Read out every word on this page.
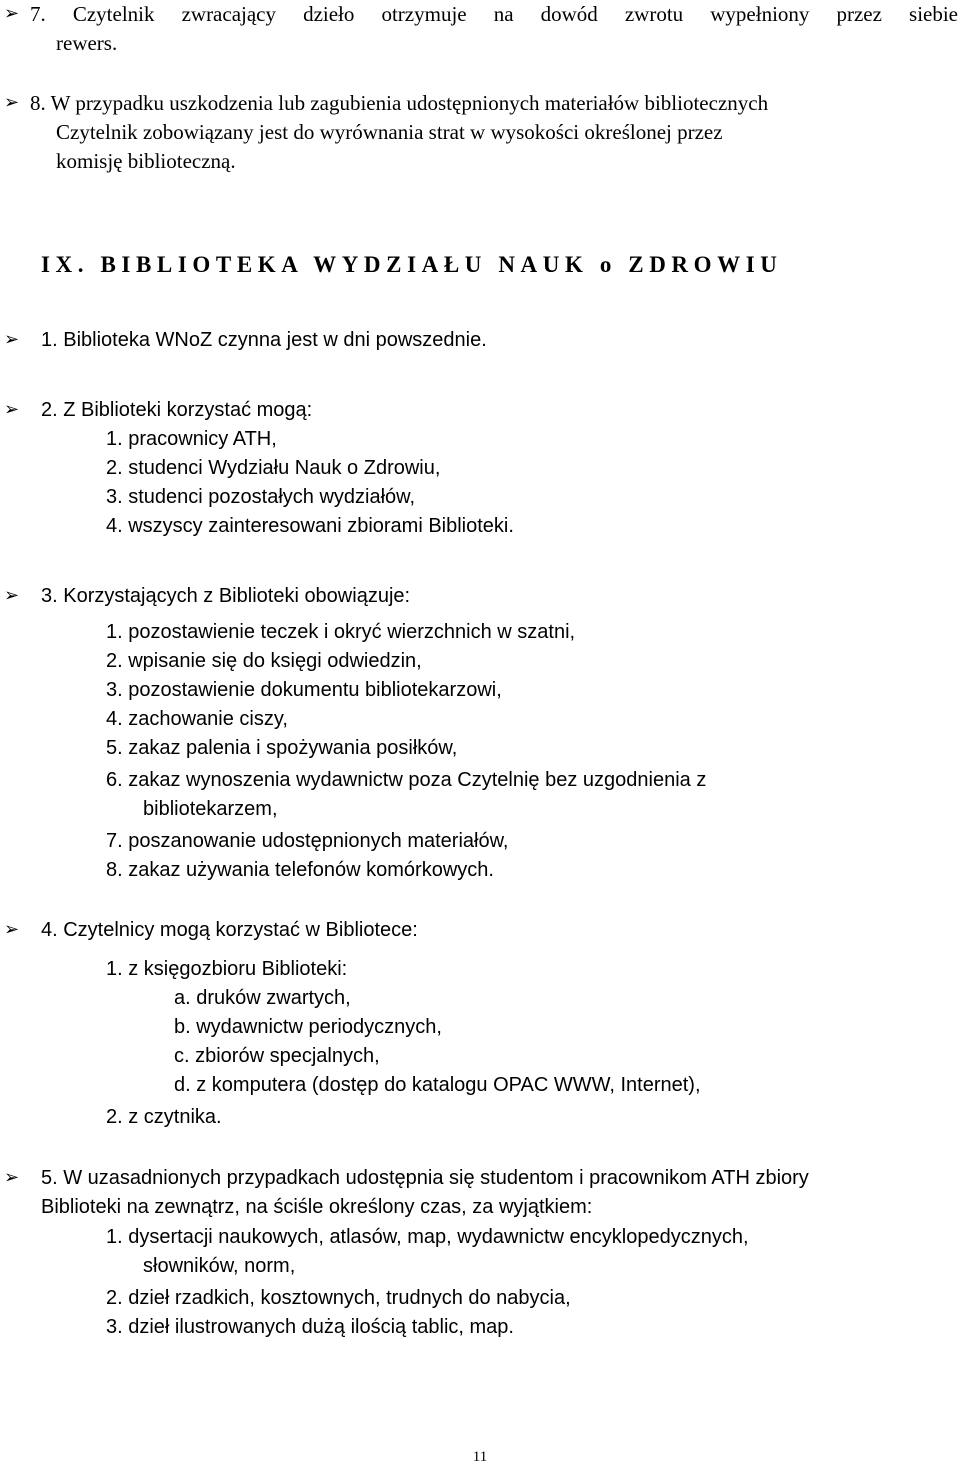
➢ 7. Czytelnik zwracający dzieło otrzymuje na dowód zwrotu wypełniony przez siebie
rewers.
➢ 8. W przypadku uszkodzenia lub zagubienia udostępnionych materiałów bibliotecznych
Czytelnik zobowiązany jest do wyrównania strat w wysokości określonej przez
komisję biblioteczną.
IX. BIBLIOTEKA WYDZIAŁU NAUK o ZDROWIU
➢ 1. Biblioteka WNoZ czynna jest w dni powszednie.
➢ 2. Z Biblioteki korzystać mogą:
1. pracownicy ATH,
2. studenci Wydziału Nauk o Zdrowiu,
3. studenci pozostałych wydziałów,
4. wszyscy zainteresowani zbiorami Biblioteki.
➢ 3. Korzystających z Biblioteki obowiązuje:
1. pozostawienie teczek i okryć wierzchnich w szatni,
2. wpisanie się do księgi odwiedzin,
3. pozostawienie dokumentu bibliotekarzowi,
4. zachowanie ciszy,
5. zakaz palenia i spożywania posiłków,
6. zakaz wynoszenia wydawnictw poza Czytelnię bez uzgodnienia z
bibliotekarzem,
7. poszanowanie udostępnionych materiałów,
8. zakaz używania telefonów komórkowych.
➢ 4. Czytelnicy mogą korzystać w Bibliotece:
1. z księgozbioru Biblioteki:
a. druków zwartych,
b. wydawnictw periodycznych,
c. zbiorów specjalnych,
d. z komputera (dostęp do katalogu OPAC WWW, Internet),
2. z czytnika.
➢ 5. W uzasadnionych przypadkach udostępnia się studentom i pracownikom ATH zbiory
Biblioteki na zewnątrz, na ściśle określony czas, za wyjątkiem:
1. dysertacji naukowych, atlasów, map, wydawnictw encyklopedycznych,
słowników, norm,
2. dzieł rzadkich, kosztownych, trudnych do nabycia,
3. dzieł ilustrowanych dużą ilością tablic, map.
11
